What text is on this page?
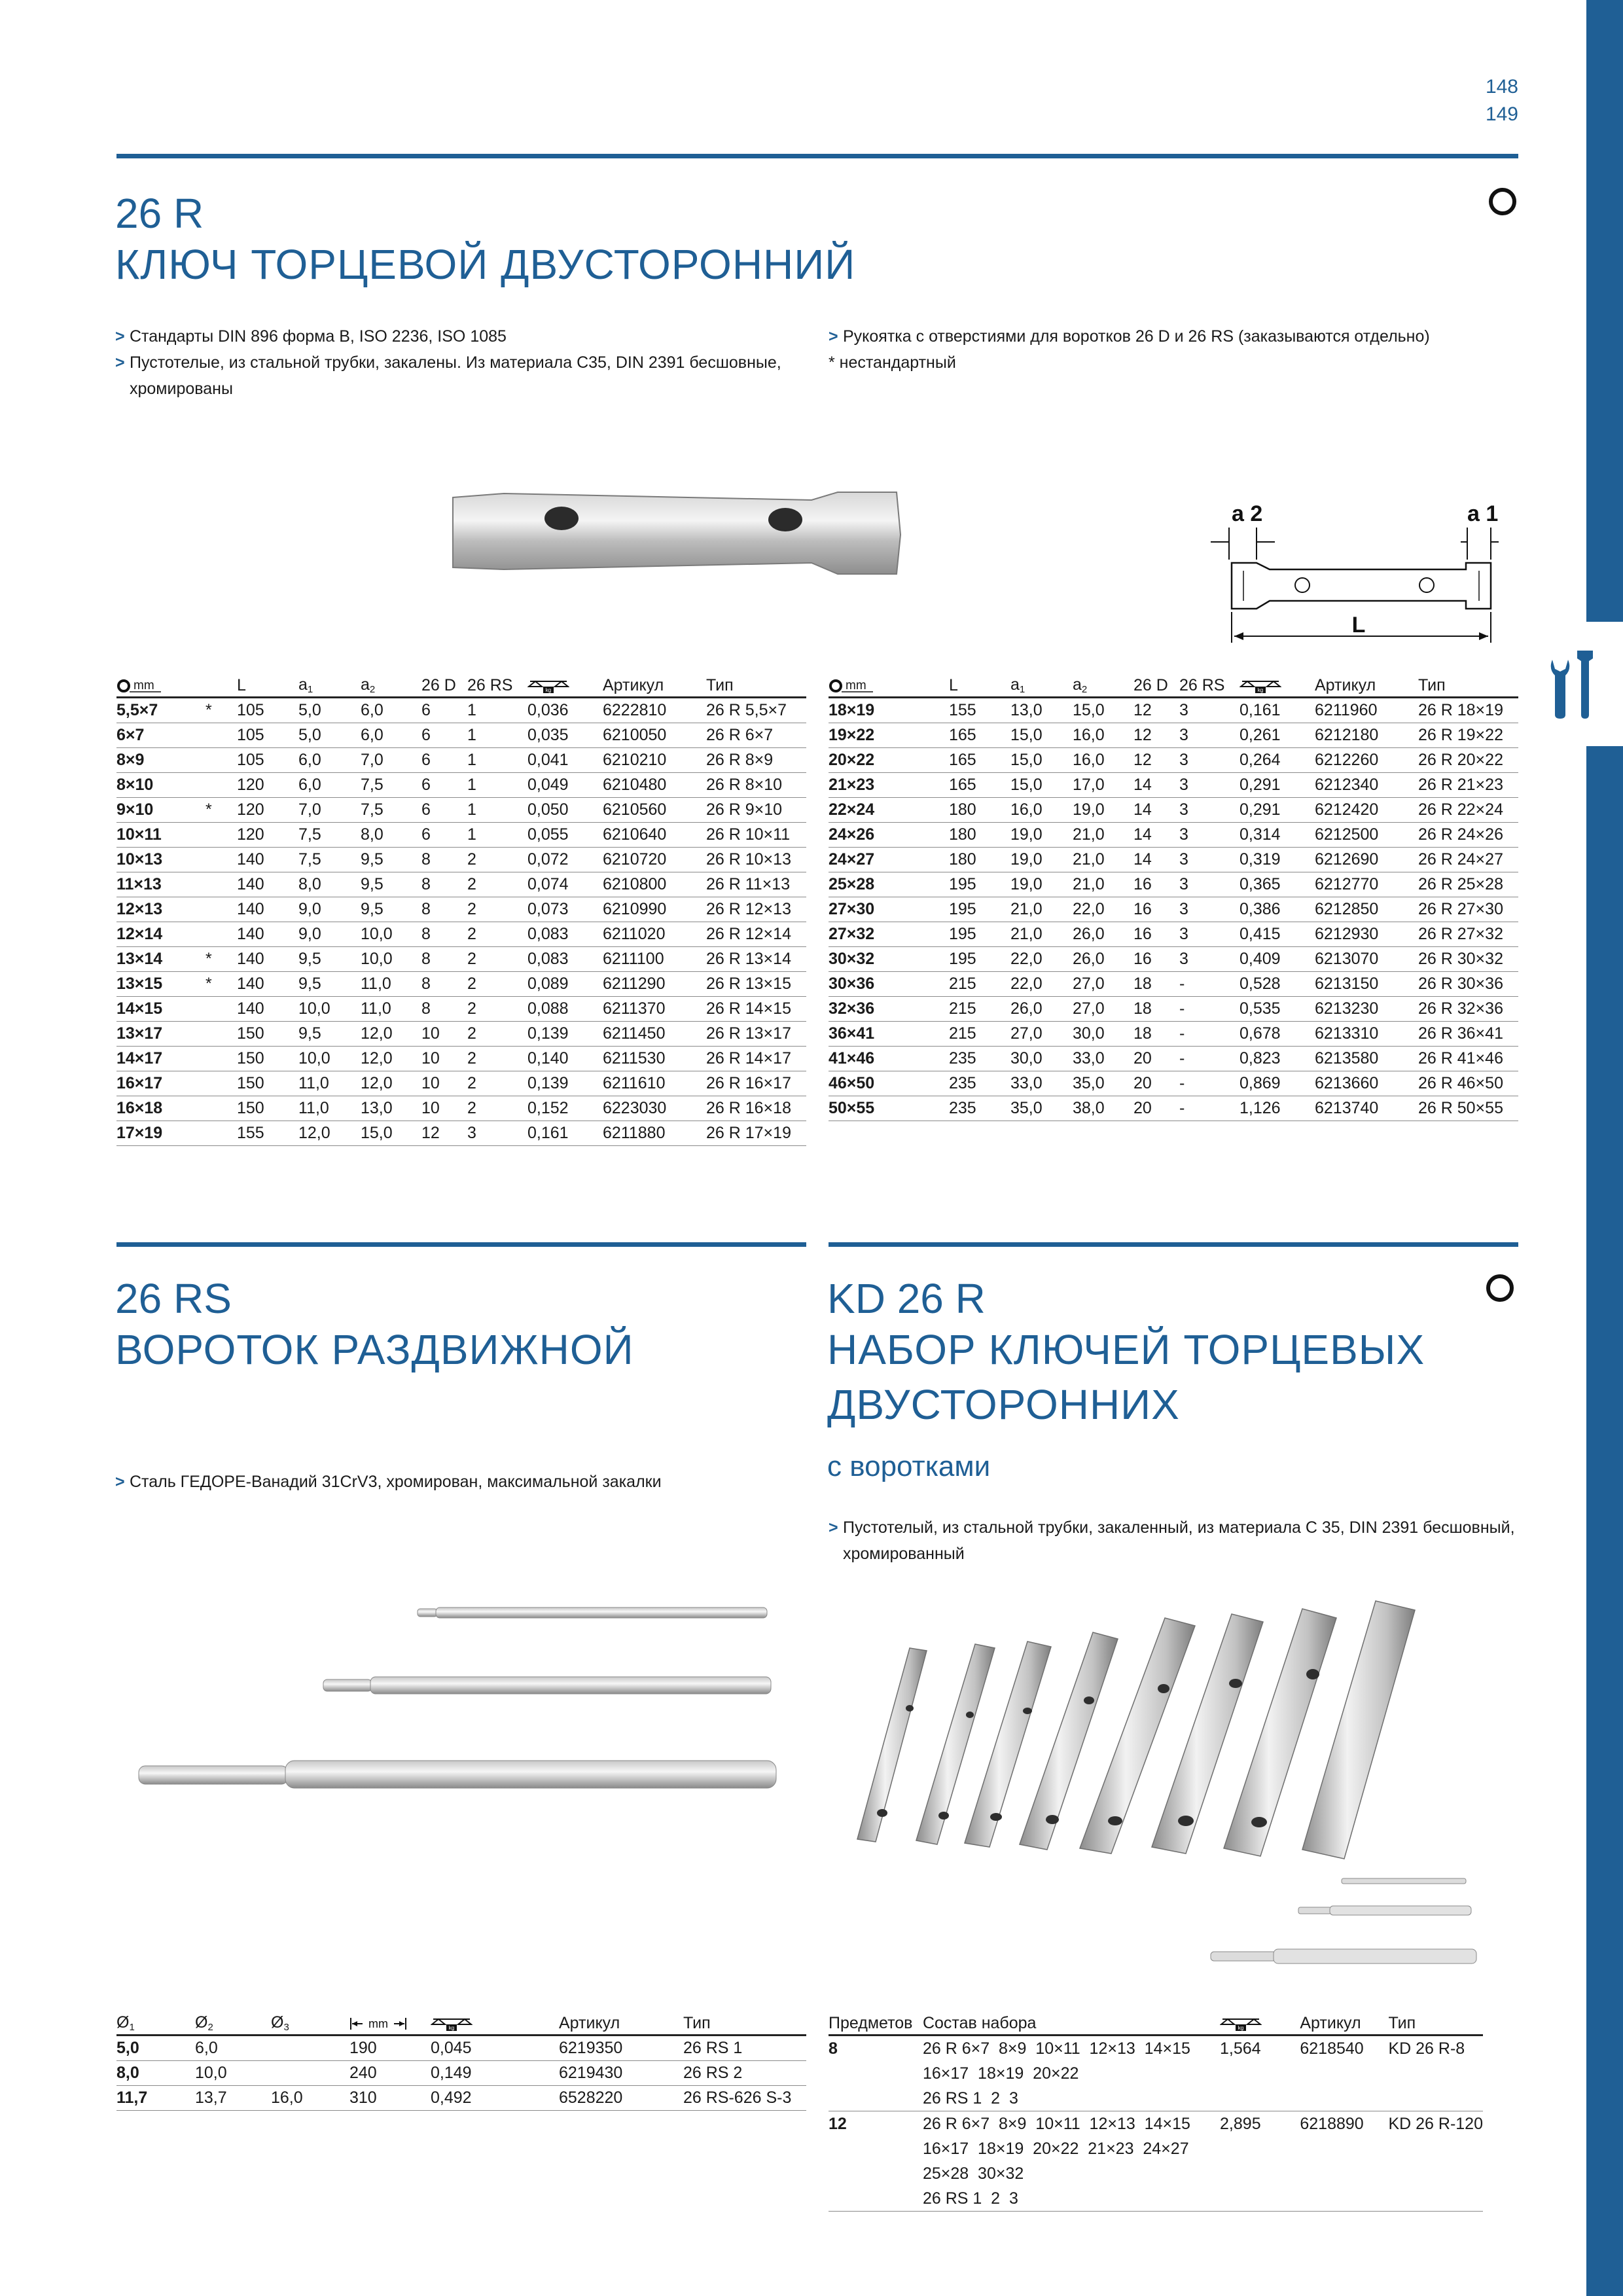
148
149
26 R
КЛЮЧ ТОРЦЕВОЙ ДВУСТОРОННИЙ
> Стандарты DIN 896 форма B, ISO 2236, ISO 1085
> Пустотелые, из стальной трубки, закалены. Из материала C35, DIN 2391 бесшовные,
хромированы
> Рукоятка с отверстиями для воротков 26 D и 26 RS (заказываются отдельно)
* нестандартный
a 2	a 1
L
mm		L	$a_1$	$a_2$	26 D	26 RS	kg	Артикул	Тип
5,5×7	*	105	5,0	6,0	6	1	0,036	6222810	26 R 5,5×7
6×7		105	5,0	6,0	6	1	0,035	6210050	26 R 6×7
8×9		105	6,0	7,0	6	1	0,041	6210210	26 R 8×9
8×10		120	6,0	7,5	6	1	0,049	6210480	26 R 8×10
9×10	*	120	7,0	7,5	6	1	0,050	6210560	26 R 9×10
10×11		120	7,5	8,0	6	1	0,055	6210640	26 R 10×11
10×13		140	7,5	9,5	8	2	0,072	6210720	26 R 10×13
11×13		140	8,0	9,5	8	2	0,074	6210800	26 R 11×13
12×13		140	9,0	9,5	8	2	0,073	6210990	26 R 12×13
12×14		140	9,0	10,0	8	2	0,083	6211020	26 R 12×14
13×14	*	140	9,5	10,0	8	2	0,083	6211100	26 R 13×14
13×15	*	140	9,5	11,0	8	2	0,089	6211290	26 R 13×15
14×15		140	10,0	11,0	8	2	0,088	6211370	26 R 14×15
13×17		150	9,5	12,0	10	2	0,139	6211450	26 R 13×17
14×17		150	10,0	12,0	10	2	0,140	6211530	26 R 14×17
16×17		150	11,0	12,0	10	2	0,139	6211610	26 R 16×17
16×18		150	11,0	13,0	10	2	0,152	6223030	26 R 16×18
17×19		155	12,0	15,0	12	3	0,161	6211880	26 R 17×19
mm	L	$a_1$	$a_2$	26 D	26 RS	kg	Артикул	Тип
18×19	155	13,0	15,0	12	3	0,161	6211960	26 R 18×19
19×22	165	15,0	16,0	12	3	0,261	6212180	26 R 19×22
20×22	165	15,0	16,0	12	3	0,264	6212260	26 R 20×22
21×23	165	15,0	17,0	14	3	0,291	6212340	26 R 21×23
22×24	180	16,0	19,0	14	3	0,291	6212420	26 R 22×24
24×26	180	19,0	21,0	14	3	0,314	6212500	26 R 24×26
24×27	180	19,0	21,0	14	3	0,319	6212690	26 R 24×27
25×28	195	19,0	21,0	16	3	0,365	6212770	26 R 25×28
27×30	195	21,0	22,0	16	3	0,386	6212850	26 R 27×30
27×32	195	21,0	26,0	16	3	0,415	6212930	26 R 27×32
30×32	195	22,0	26,0	16	3	0,409	6213070	26 R 30×32
30×36	215	22,0	27,0	18	-	0,528	6213150	26 R 30×36
32×36	215	26,0	27,0	18	-	0,535	6213230	26 R 32×36
36×41	215	27,0	30,0	18	-	0,678	6213310	26 R 36×41
41×46	235	30,0	33,0	20	-	0,823	6213580	26 R 41×46
46×50	235	33,0	35,0	20	-	0,869	6213660	26 R 46×50
50×55	235	35,0	38,0	20	-	1,126	6213740	26 R 50×55
26 RS
ВОРОТОК РАЗДВИЖНОЙ
> Сталь ГЕДОРЕ-Ванадий 31CrV3, хромирован, максимальной закалки
$Ø_1$	$Ø_2$	$Ø_3$	mm	kg	Артикул	Тип
5,0	6,0		190	0,045	6219350	26 RS 1
8,0	10,0		240	0,149	6219430	26 RS 2
11,7	13,7	16,0	310	0,492	6528220	26 RS-626 S-3
KD 26 R
НАБОР КЛЮЧЕЙ ТОРЦЕВЫХ
ДВУСТОРОННИХ
с воротками
> Пустотелый, из стальной трубки, закаленный, из материала C 35, DIN 2391 бесшовный,
хромированный
Предметов	Состав набора	kg	Артикул	Тип
8	26 R 6×7  8×9  10×11  12×13  14×15
16×17  18×19  20×22
26 RS 1  2  3	1,564	6218540	KD 26 R-8
12	26 R 6×7  8×9  10×11  12×13  14×15
16×17  18×19  20×22  21×23  24×27
25×28  30×32
26 RS 1  2  3	2,895	6218890	KD 26 R-120
